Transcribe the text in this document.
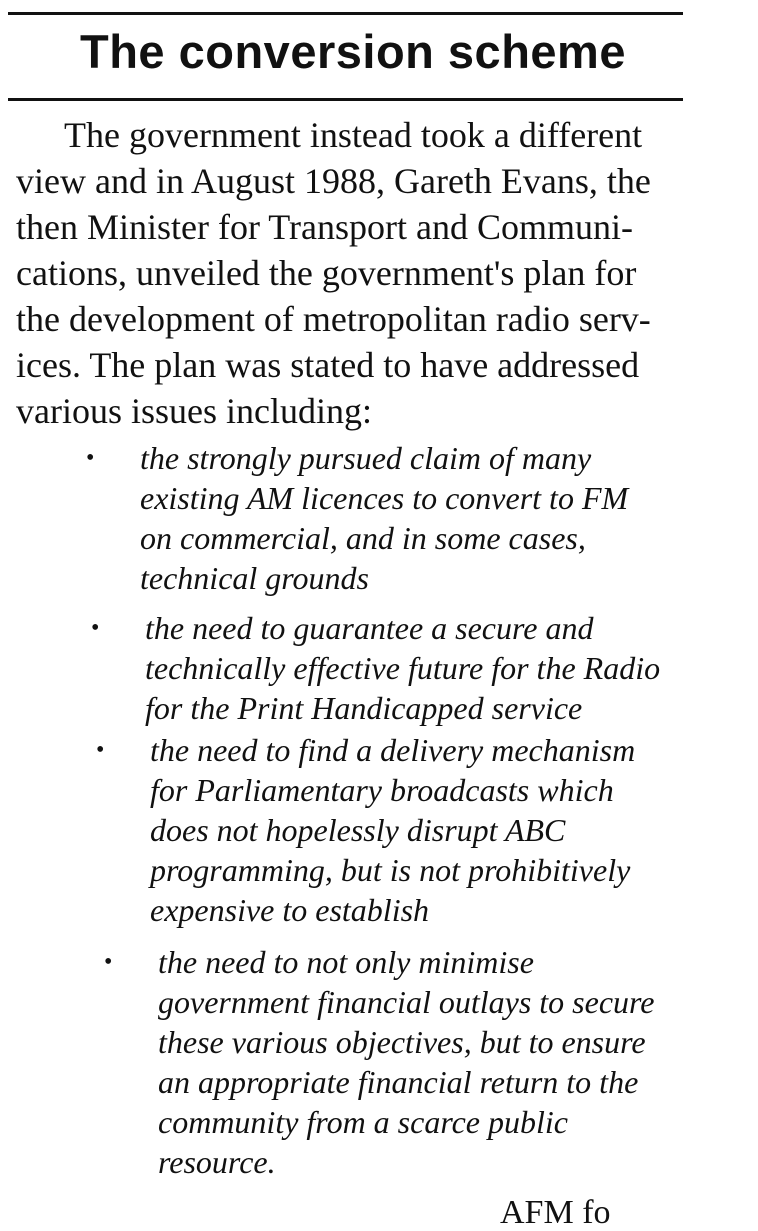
The conversion scheme

The government instead took a different
view and in August 1988, Gareth Evans, the
then Minister for Transport and Communi-
cations, unveiled the government's plan for
the development of metropolitan radio serv-
ices. The plan was stated to have addressed
various issues including:

• the strongly pursued claim of many
existing AM licences to convert to FM
on commercial, and in some cases,
technical grounds
• the need to guarantee a secure and
technically effective future for the Radio
for the Print Handicapped service
• the need to find a delivery mechanism
for Parliamentary broadcasts which
does not hopelessly disrupt ABC
programming, but is not prohibitively
expensive to establish
• the need to not only minimise
government financial outlays to secure
these various objectives, but to ensure
an appropriate financial return to the
community from a scarce public
resource.
AFM fo
